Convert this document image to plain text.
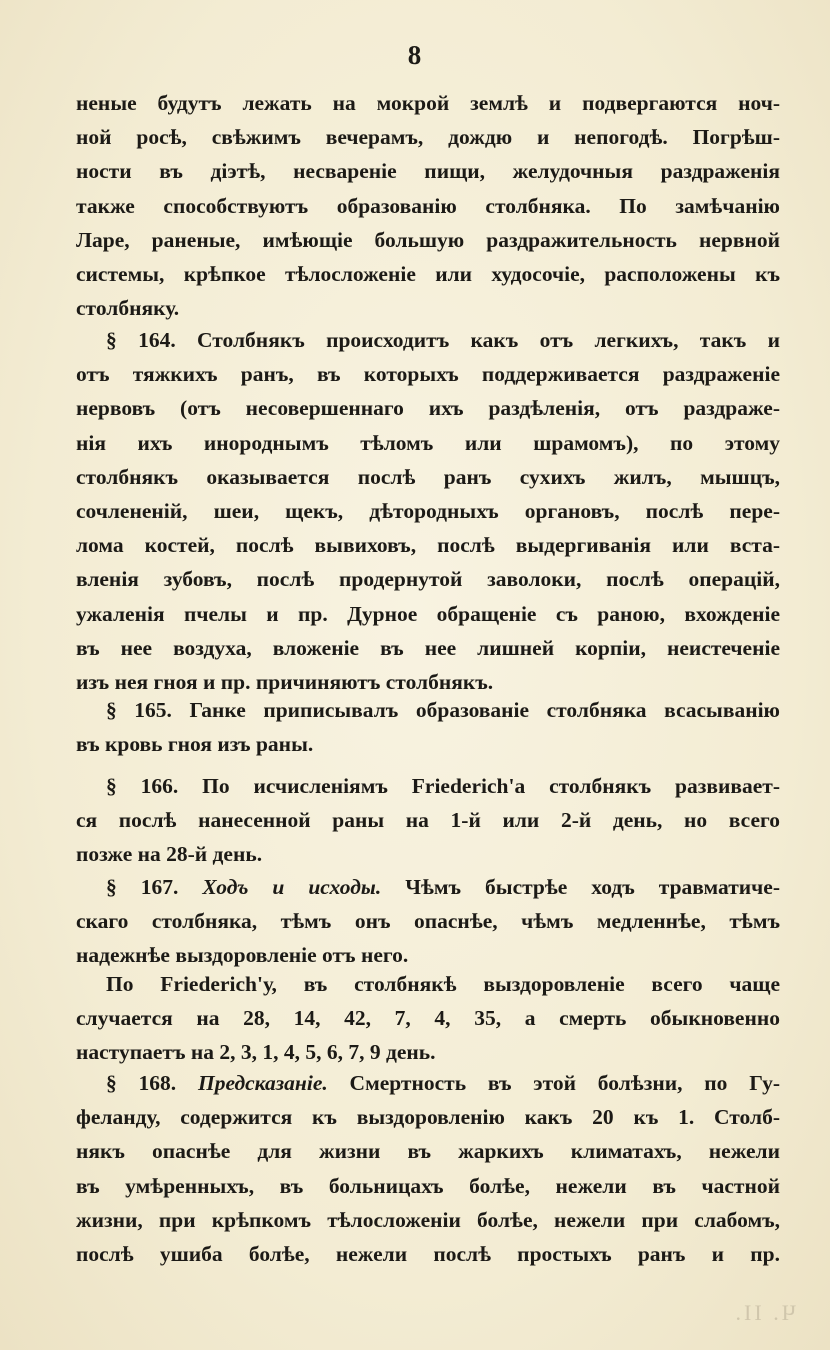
8
неные будутъ лежать на мокрой землѣ и подвергаются ноч-
ной росѣ, свѣжимъ вечерамъ, дождю и непогодѣ. Погрѣш-
ности въ діэтѣ, несвареніе пищи, желудочныя раздраженія
также способствуютъ образованію столбняка. По замѣчанію
Ларе, раненые, имѣющіе большую раздражительность нервной
системы, крѣпкое тѣлосложеніе или худосочіе, расположены къ
столбняку.
§ 164. Столбнякъ происходитъ какъ отъ легкихъ, такъ и
отъ тяжкихъ ранъ, въ которыхъ поддерживается раздраженіе
нервовъ (отъ несовершеннаго ихъ раздѣленія, отъ раздраже-
нія ихъ инороднымъ тѣломъ или шрамомъ), по этому
столбнякъ оказывается послѣ ранъ сухихъ жилъ, мышцъ,
сочлененій, шеи, щекъ, дѣтородныхъ органовъ, послѣ пере-
лома костей, послѣ вывиховъ, послѣ выдергиванія или вста-
вленія зубовъ, послѣ продернутой заволоки, послѣ операцій,
ужаленія пчелы и пр. Дурное обращеніе съ раною, вхожденіе
въ нее воздуха, вложеніе въ нее лишней корпіи, неистеченіе
изъ нея гноя и пр. причиняютъ столбнякъ.
§ 165. Ганке приписывалъ образованіе столбняка всасыванію
въ кровь гноя изъ раны.
§ 166. По исчисленіямъ Friederich'а столбнякъ развивает-
ся послѣ нанесенной раны на 1-й или 2-й день, но всего
позже на 28-й день.
§ 167. Ходъ и исходы. Чѣмъ быстрѣе ходъ травматиче-
скаго столбняка, тѣмъ онъ опаснѣе, чѣмъ медленнѣе, тѣмъ
надежнѣе выздоровленіе отъ него.
По Friederich'у, въ столбнякѣ выздоровленіе всего чаще
случается на 28, 14, 42, 7, 4, 35, а смерть обыкновенно
наступаетъ на 2, 3, 1, 4, 5, 6, 7, 9 день.
§ 168. Предсказаніе. Смертность въ этой болѣзни, по Гу-
феланду, содержится къ выздоровленію какъ 20 къ 1. Столб-
някъ опаснѣе для жизни въ жаркихъ климатахъ, нежели
въ умѣренныхъ, въ больницахъ болѣе, нежели въ частной
жизни, при крѣпкомъ тѣлосложеніи болѣе, нежели при слабомъ,
послѣ ушиба болѣе, нежели послѣ простыхъ ранъ и пр.
Ч. II.
